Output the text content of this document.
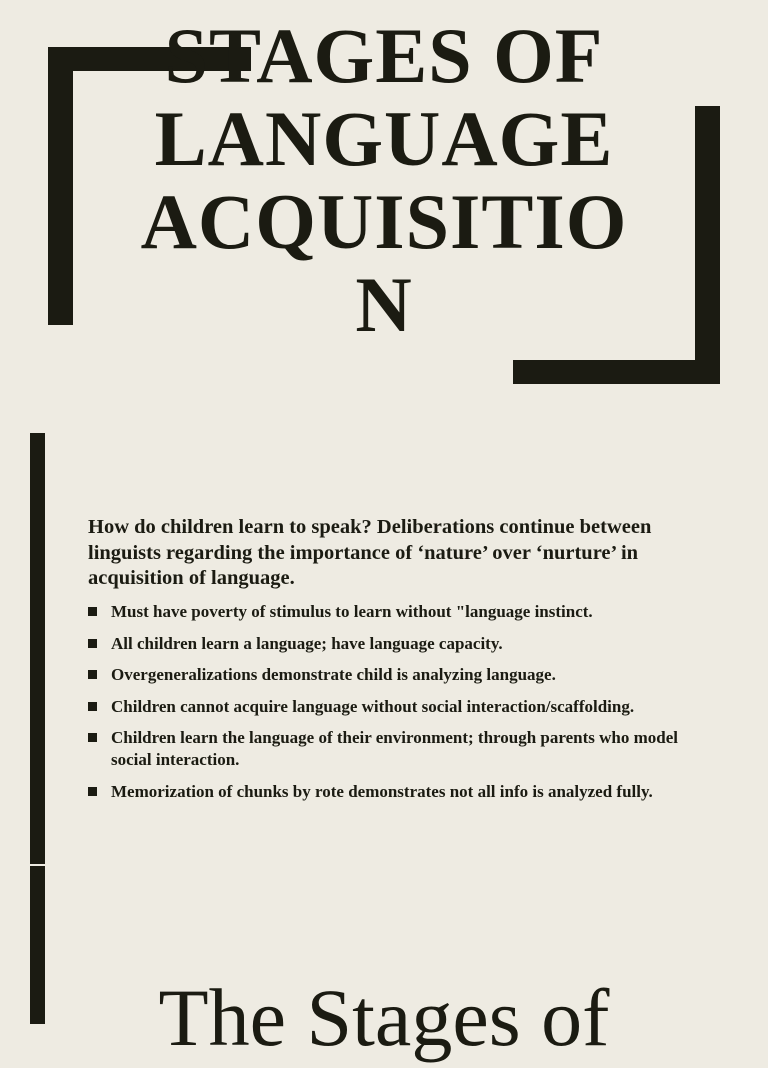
STAGES OF
LANGUAGE
ACQUISITIO
N

How do children learn to speak? Deliberations continue between linguists regarding the importance of ‘nature’ over ‘nurture’ in acquisition of language.

Must have poverty of stimulus to learn without "language instinct.
All children learn a language; have language capacity.
Overgeneralizations demonstrate child is analyzing language.
Children cannot acquire language without social interaction/scaffolding.
Children learn the language of their environment; through parents who model social interaction.
Memorization of chunks by rote demonstrates not all info is analyzed fully.
The Stages of
